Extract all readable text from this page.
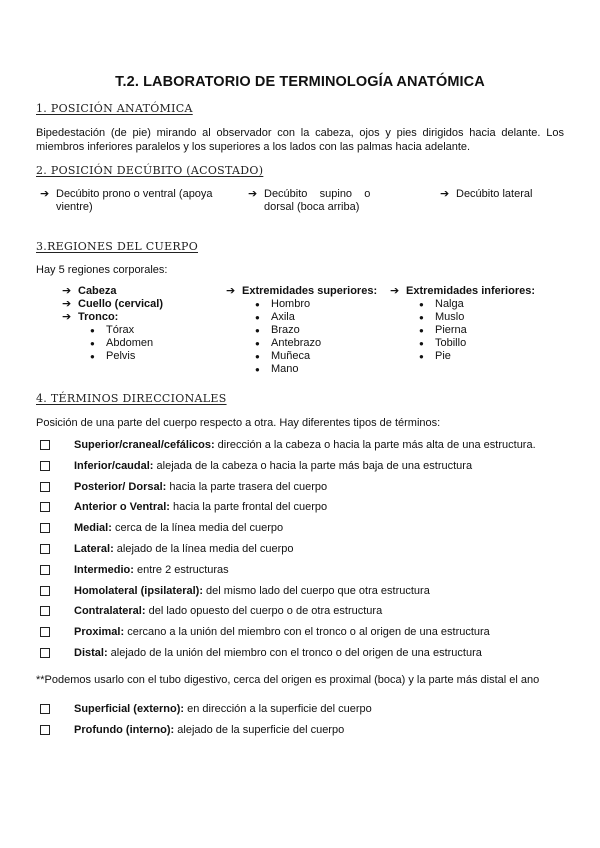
T.2. LABORATORIO DE TERMINOLOGÍA ANATÓMICA
1. POSICIÓN ANATÓMICA
Bipedestación (de pie) mirando al observador con la cabeza, ojos y pies dirigidos hacia delante. Los miembros inferiores paralelos y los superiores a los lados con las palmas hacia adelante.
2. POSICIÓN DECÚBITO (ACOSTADO)
➔ Decúbito prono o ventral (apoya
vientre)
➔ Decúbito    supino    o
dorsal (boca arriba)
➔ Decúbito lateral
3.REGIONES DEL CUERPO
Hay 5 regiones corporales:
➔ Cabeza
➔ Cuello (cervical)
➔ Tronco:
● Tórax
● Abdomen
● Pelvis
➔ Extremidades superiores:
● Hombro
● Axila
● Brazo
● Antebrazo
● Muñeca
● Mano
➔ Extremidades inferiores:
● Nalga
● Muslo
● Pierna
● Tobillo
● Pie
4. TÉRMINOS DIRECCIONALES
Posición de una parte del cuerpo respecto a otra. Hay diferentes tipos de términos:
Superior/craneal/cefálicos: dirección a la cabeza o hacia la parte más alta de una estructura.
Inferior/caudal: alejada de la cabeza o hacia la parte más baja de una estructura
Posterior/ Dorsal: hacia la parte trasera del cuerpo
Anterior o Ventral: hacia la parte frontal del cuerpo
Medial: cerca de la línea media del cuerpo
Lateral: alejado de la línea media del cuerpo
Intermedio: entre 2 estructuras
Homolateral (ipsilateral): del mismo lado del cuerpo que otra estructura
Contralateral: del lado opuesto del cuerpo o de otra estructura
Proximal: cercano a la unión del miembro con el tronco o al origen de una estructura
Distal: alejado de la unión del miembro con el tronco o del origen de una estructura
**Podemos usarlo con el tubo digestivo, cerca del origen es proximal (boca) y la parte más distal el ano
Superficial (externo): en dirección a la superficie del cuerpo
Profundo (interno): alejado de la superficie del cuerpo
